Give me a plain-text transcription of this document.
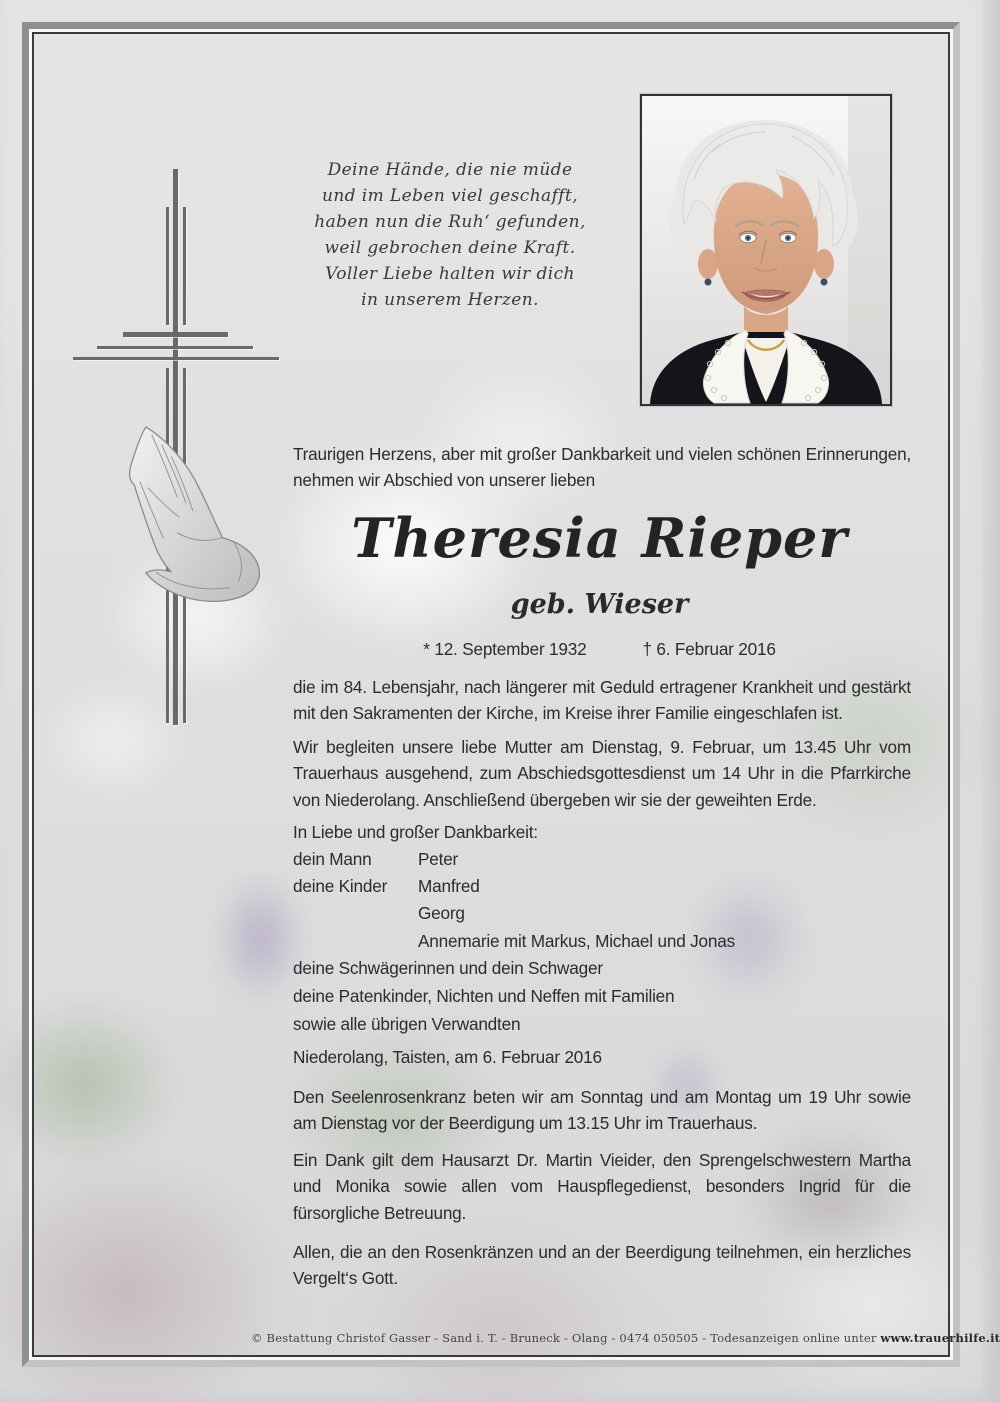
Deine Hände, die nie müde
und im Leben viel geschafft,
haben nun die Ruh‘ gefunden,
weil gebrochen deine Kraft.
Voller Liebe halten wir dich
in unserem Herzen.
Traurigen Herzens, aber mit großer Dankbarkeit und vielen schönen Erinnerungen, nehmen wir Abschied von unserer lieben
Theresia Rieper
geb. Wieser
* 12. September 1932	† 6. Februar 2016
die im 84. Lebensjahr, nach längerer mit Geduld ertragener Krankheit und gestärkt mit den Sakramenten der Kirche, im Kreise ihrer Familie eingeschlafen ist.
Wir begleiten unsere liebe Mutter am Dienstag, 9. Februar, um 13.45 Uhr vom Trauerhaus ausgehend, zum Abschiedsgottesdienst um 14 Uhr in die Pfarrkirche von Niederolang. Anschließend übergeben wir sie der geweihten Erde.
In Liebe und großer Dankbarkeit:
dein Mann	Peter
deine Kinder	Manfred
Georg
Annemarie mit Markus, Michael und Jonas
deine Schwägerinnen und dein Schwager
deine Patenkinder, Nichten und Neffen mit Familien
sowie alle übrigen Verwandten
Niederolang, Taisten, am 6. Februar 2016
Den Seelenrosenkranz beten wir am Sonntag und am Montag um 19 Uhr sowie am Dienstag vor der Beerdigung um 13.15 Uhr im Trauerhaus.
Ein Dank gilt dem Hausarzt Dr. Martin Vieider, den Sprengelschwestern Martha und Monika sowie allen vom Hauspflegedienst, besonders Ingrid für die fürsorgliche Betreuung.
Allen, die an den Rosenkränzen und an der Beerdigung teilnehmen, ein herzliches Vergelt‘s Gott.
© Bestattung Christof Gasser - Sand i. T. - Bruneck - Olang - 0474 050505 - Todesanzeigen online unter www.trauerhilfe.it
